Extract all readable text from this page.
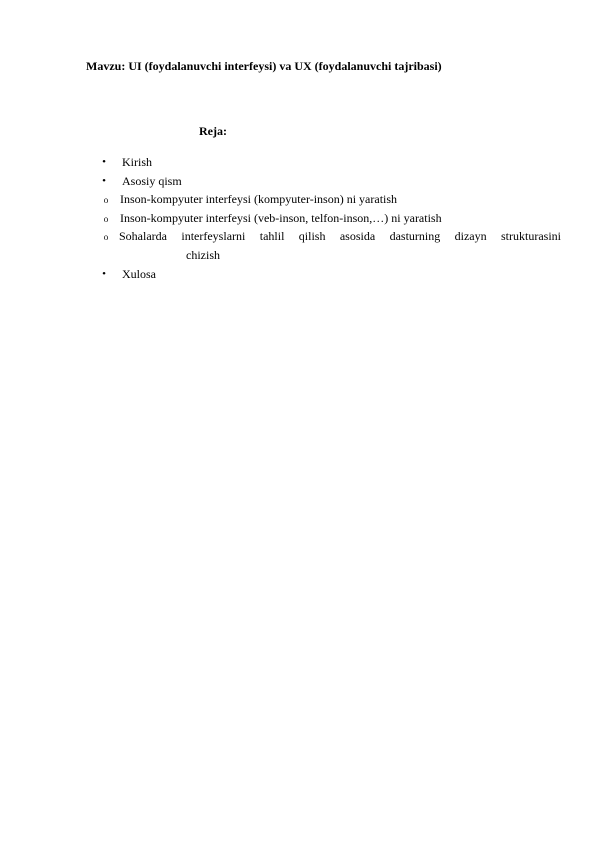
Mavzu: UI (foydalanuvchi interfeysi) va UX (foydalanuvchi tajribasi)
Reja:
•	Kirish
•	Asosiy qism
o Inson-kompyuter interfeysi (kompyuter-inson) ni yaratish
o Inson-kompyuter interfeysi (veb-inson, telfon-inson,…) ni yaratish
o Sohalarda interfeyslarni tahlil qilish asosida dasturning dizayn strukturasini
chizish
•	Xulosa
